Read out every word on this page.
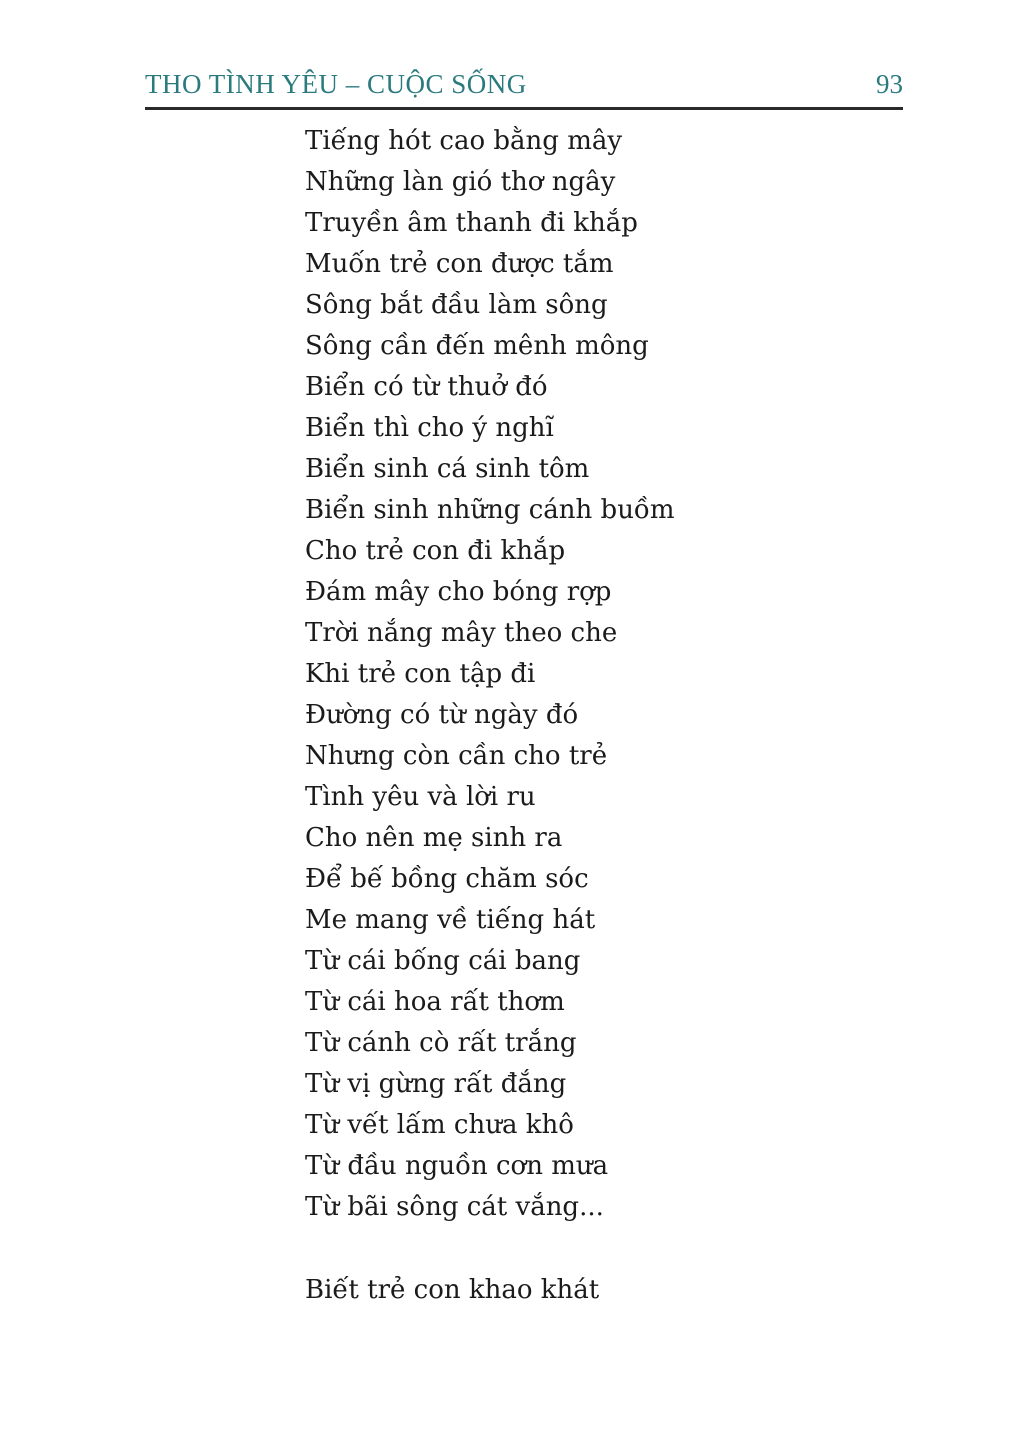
THO TÌNH YÊU – CUỘC SỐNG	93
Tiếng hót cao bằng mây
Những làn gió thơ ngây
Truyền âm thanh đi khắp
Muốn trẻ con được tắm
Sông bắt đầu làm sông
Sông cần đến mênh mông
Biển có từ thuở đó
Biển thì cho ý nghĩ
Biển sinh cá sinh tôm
Biển sinh những cánh buồm
Cho trẻ con đi khắp
Đám mây cho bóng rợp
Trời nắng mây theo che
Khi trẻ con tập đi
Đường có từ ngày đó
Nhưng còn cần cho trẻ
Tình yêu và lời ru
Cho nên mẹ sinh ra
Để bế bồng chăm sóc
Me mang về tiếng hát
Từ cái bống cái bang
Từ cái hoa rất thơm
Từ cánh cò rất trắng
Từ vị gừng rất đắng
Từ vết lấm chưa khô
Từ đầu nguồn cơn mưa
Từ bãi sông cát vắng...
Biết trẻ con khao khát
